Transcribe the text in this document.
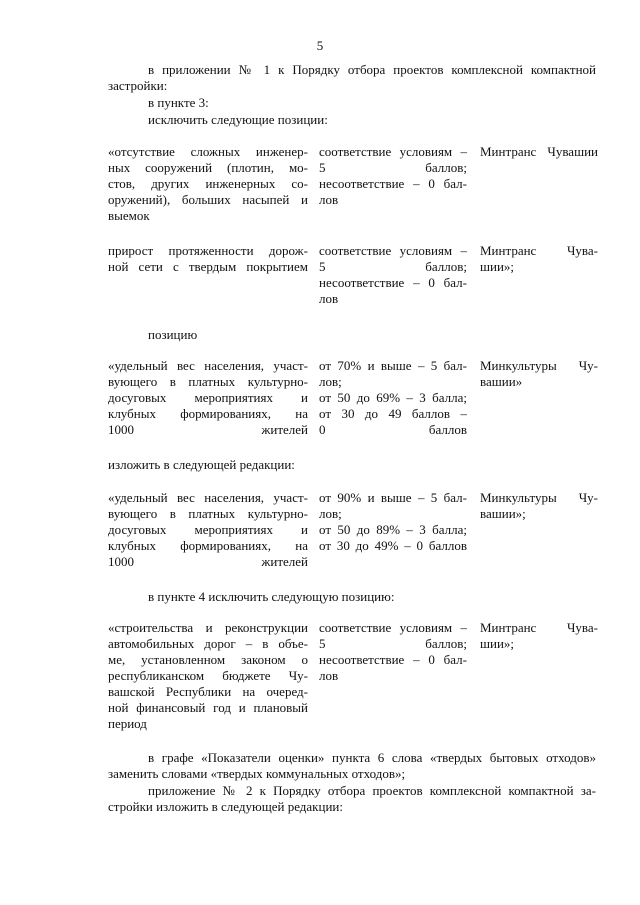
5
в приложении № 1 к Порядку отбора проектов комплексной компактной
застройки:
в пункте 3:
исключить следующие позиции:
«отсутствие сложных инженер-
ных сооружений (плотин, мо-
стов, других инженерных со-
оружений), больших насыпей и
выемок
соответствие условиям –
5 баллов;
несоответствие – 0 бал-
лов
Минтранс Чувашии
прирост протяженности дорож-
ной сети с твердым покрытием
соответствие условиям –
5 баллов;
несоответствие – 0 бал-
лов
Минтранс Чува-
шии»;
позицию
«удельный вес населения, участ-
вующего в платных культурно-
досуговых мероприятиях и
клубных формированиях, на
1000 жителей
от 70% и выше – 5 бал-
лов;
от 50 до 69% – 3 балла;
от 30 до 49 баллов –
0 баллов
Минкультуры Чу-
вашии»
изложить в следующей редакции:
«удельный вес населения, участ-
вующего в платных культурно-
досуговых мероприятиях и
клубных формированиях, на
1000 жителей
от 90% и выше – 5 бал-
лов;
от 50 до 89% – 3 балла;
от 30 до 49% – 0 баллов
Минкультуры Чу-
вашии»;
в пункте 4 исключить следующую позицию:
«строительства и реконструкции
автомобильных дорог – в объе-
ме, установленном законом о
республиканском бюджете Чу-
вашской Республики на очеред-
ной финансовый год и плановый
период
соответствие условиям –
5 баллов;
несоответствие – 0 бал-
лов
Минтранс Чува-
шии»;
в графе «Показатели оценки» пункта 6 слова «твердых бытовых отходов»
заменить словами «твердых коммунальных отходов»;
приложение № 2 к Порядку отбора проектов комплексной компактной за-
стройки изложить в следующей редакции:
